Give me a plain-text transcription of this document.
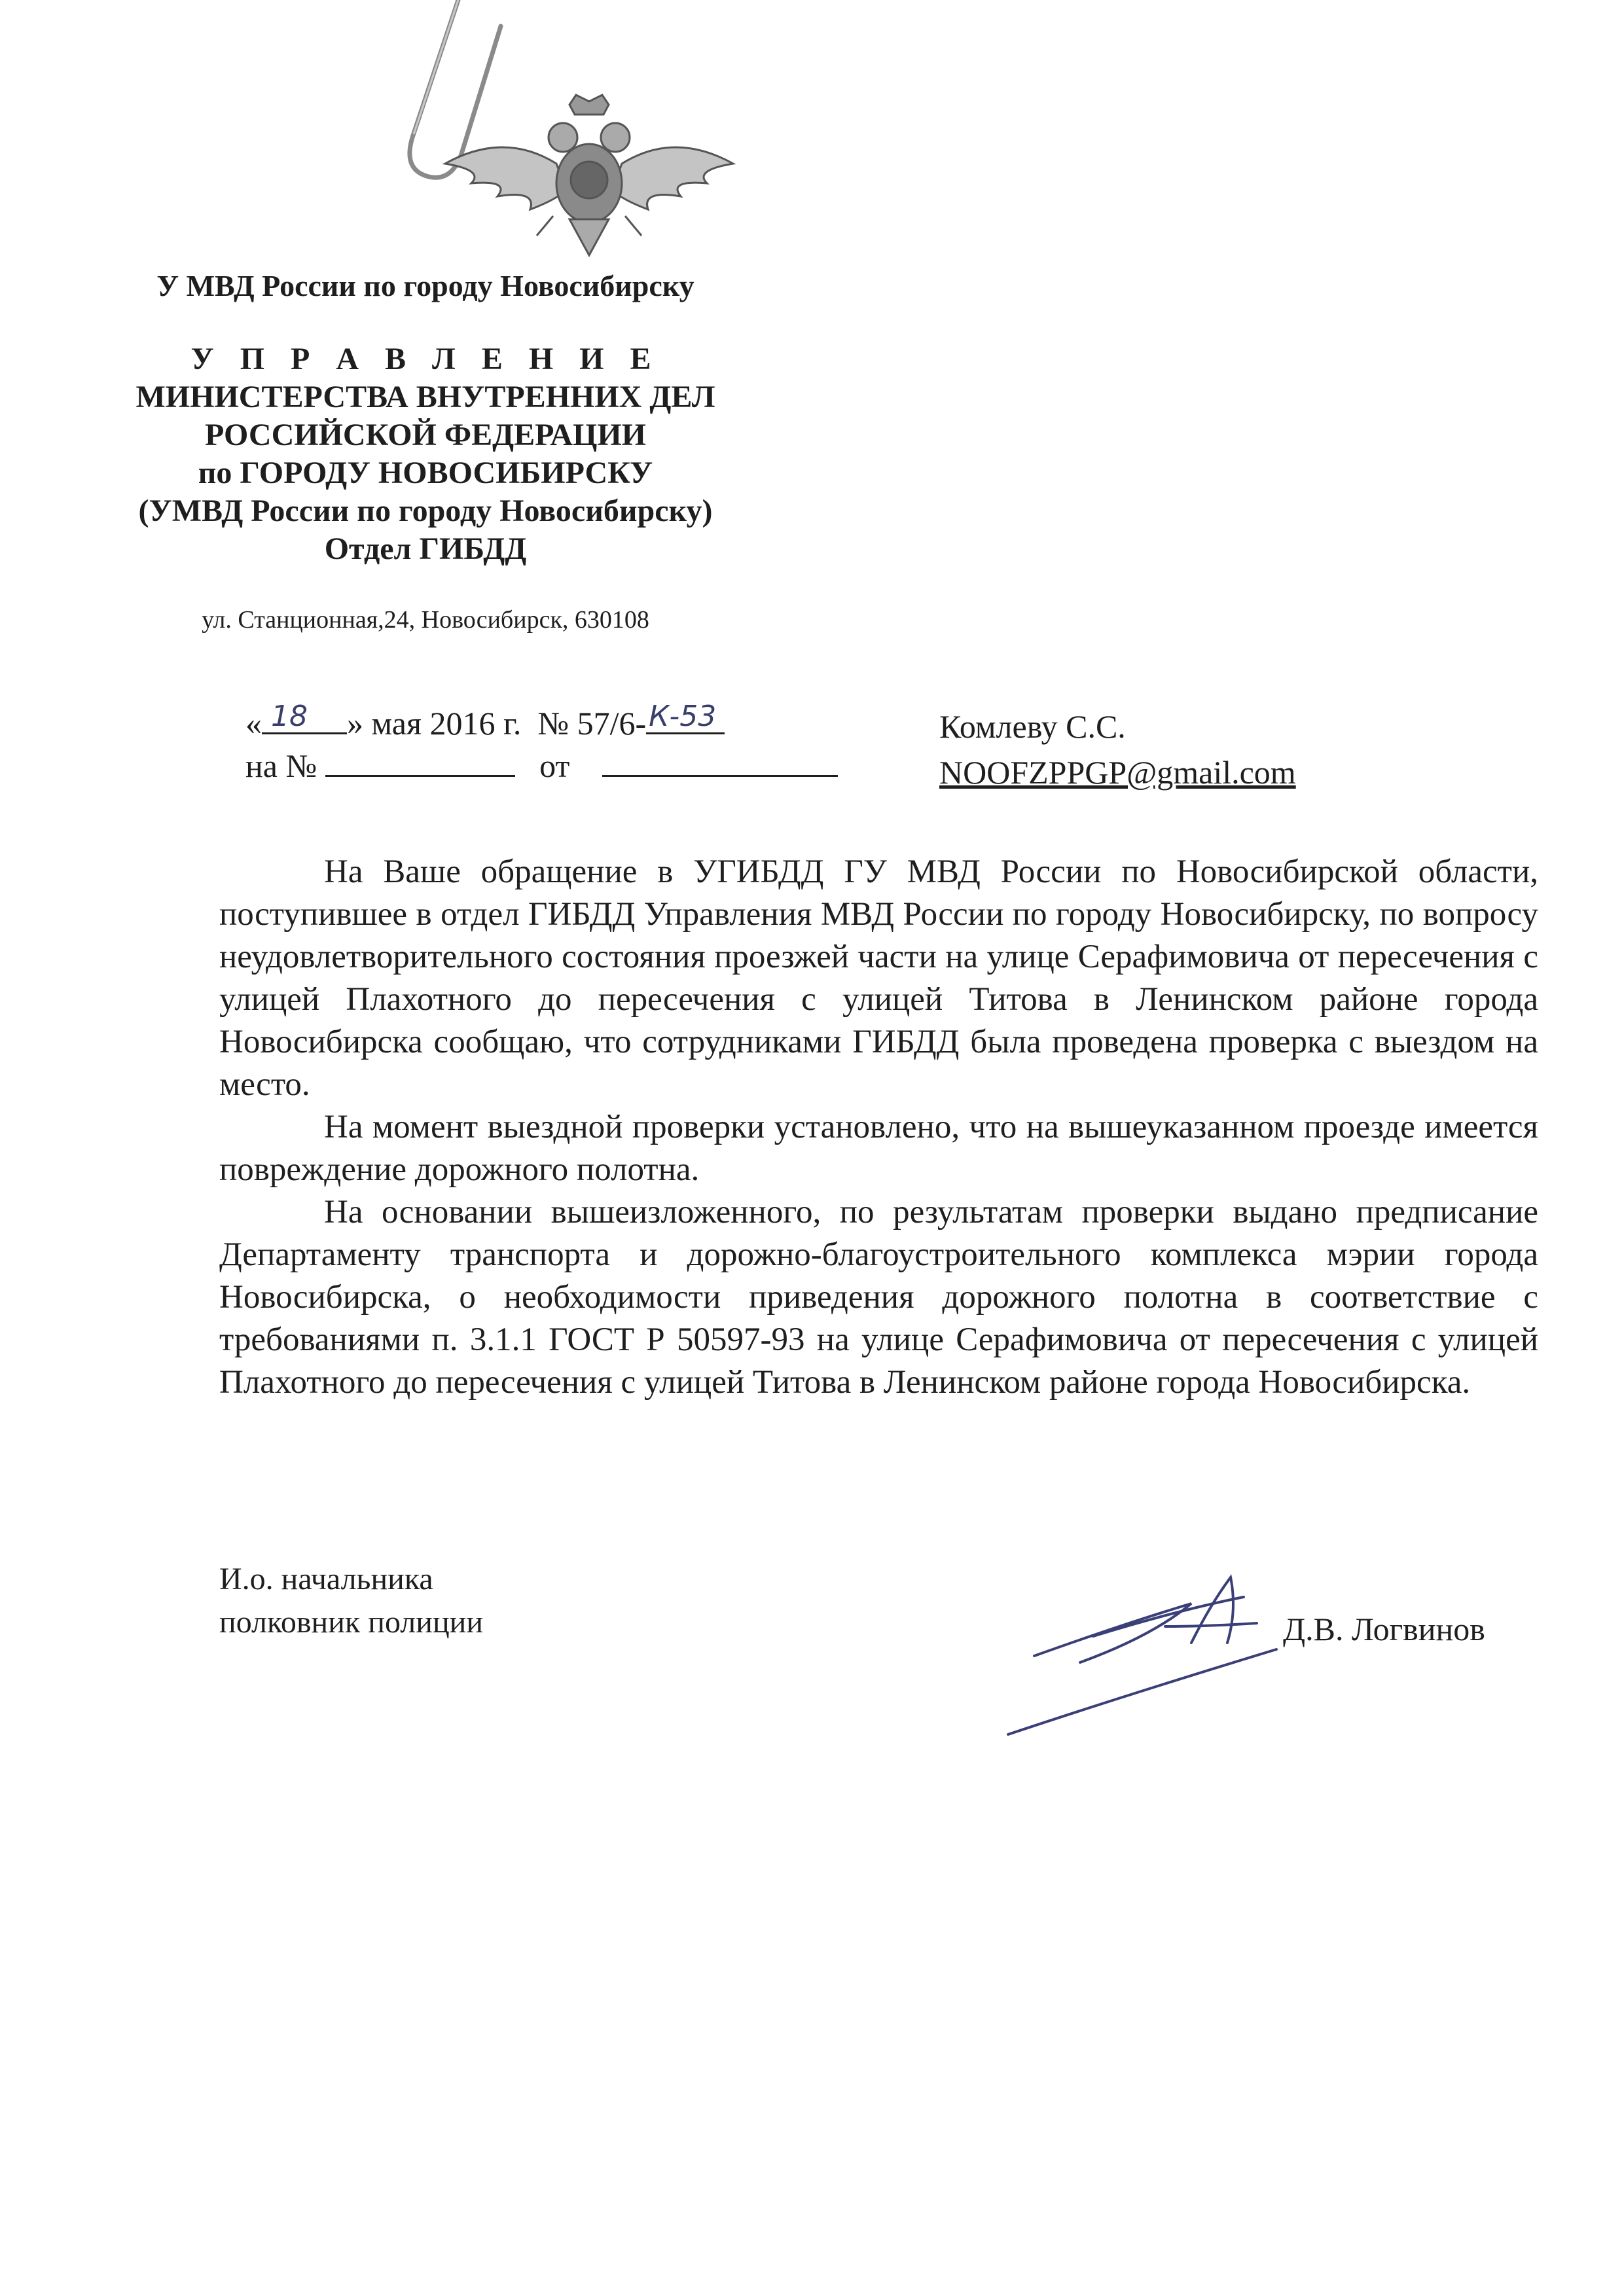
У МВД России по городу Новосибирску
У П Р А В Л Е Н И Е
МИНИСТЕРСТВА ВНУТРЕННИХ ДЕЛ
РОССИЙСКОЙ ФЕДЕРАЦИИ
по ГОРОДУ НОВОСИБИРСКУ
(УМВД России по городу Новосибирску)
Отдел ГИБДД
ул. Станционная,24, Новосибирск, 630108
« 18 » мая 2016 г. № 57/6- К-53
на №	от
Комлеву С.С.
NOOFZPPGP@gmail.com

На Ваше обращение в УГИБДД ГУ МВД России по Новосибирской области, поступившее в отдел ГИБДД Управления МВД России по городу Новосибирску, по вопросу неудовлетворительного состояния проезжей части на улице Серафимовича от пересечения с улицей Плахотного до пересечения с улицей Титова в Ленинском районе города Новосибирска сообщаю, что сотрудниками ГИБДД была проведена проверка с выездом на место.

На момент выездной проверки установлено, что на вышеуказанном проезде имеется повреждение дорожного полотна.

На основании вышеизложенного, по результатам проверки выдано предписание Департаменту транспорта и дорожно-благоустроительного комплекса мэрии города Новосибирска, о необходимости приведения дорожного полотна в соответствие с требованиями п. 3.1.1 ГОСТ Р 50597-93 на улице Серафимовича от пересечения с улицей Плахотного до пересечения с улицей Титова в Ленинском районе города Новосибирска.

И.о. начальника
полковник полиции	Д.В. Логвинов
